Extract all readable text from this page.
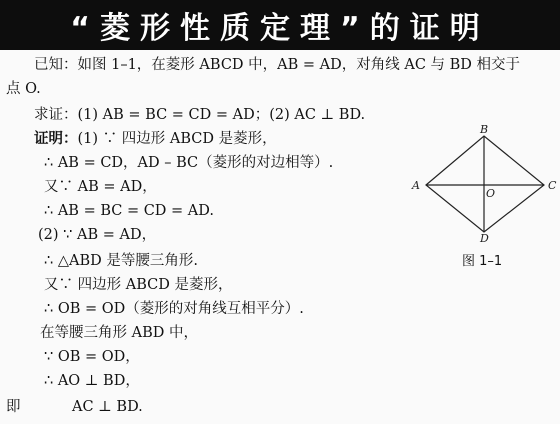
“菱形性质定理”的证明
已知：如图 1–1，在菱形 ABCD 中，AB = AD，对角线 AC 与 BD 相交于
点 O.
求证：(1) AB = BC = CD = AD；(2) AC ⊥ BD.
证明：(1) ∵ 四边形 ABCD 是菱形，
∴ AB = CD，AD – BC（菱形的对边相等）.
又∵ AB = AD，
∴ AB = BC = CD = AD.
(2) ∵ AB = AD，
∴ △ABD 是等腰三角形.
又∵ 四边形 ABCD 是菱形，
∴ OB = OD（菱形的对角线互相平分）.
在等腰三角形 ABD 中，
∵ OB = OD，
∴ AO ⊥ BD，
即	AC ⊥ BD.
A
B
C
D
O
图 1–1
